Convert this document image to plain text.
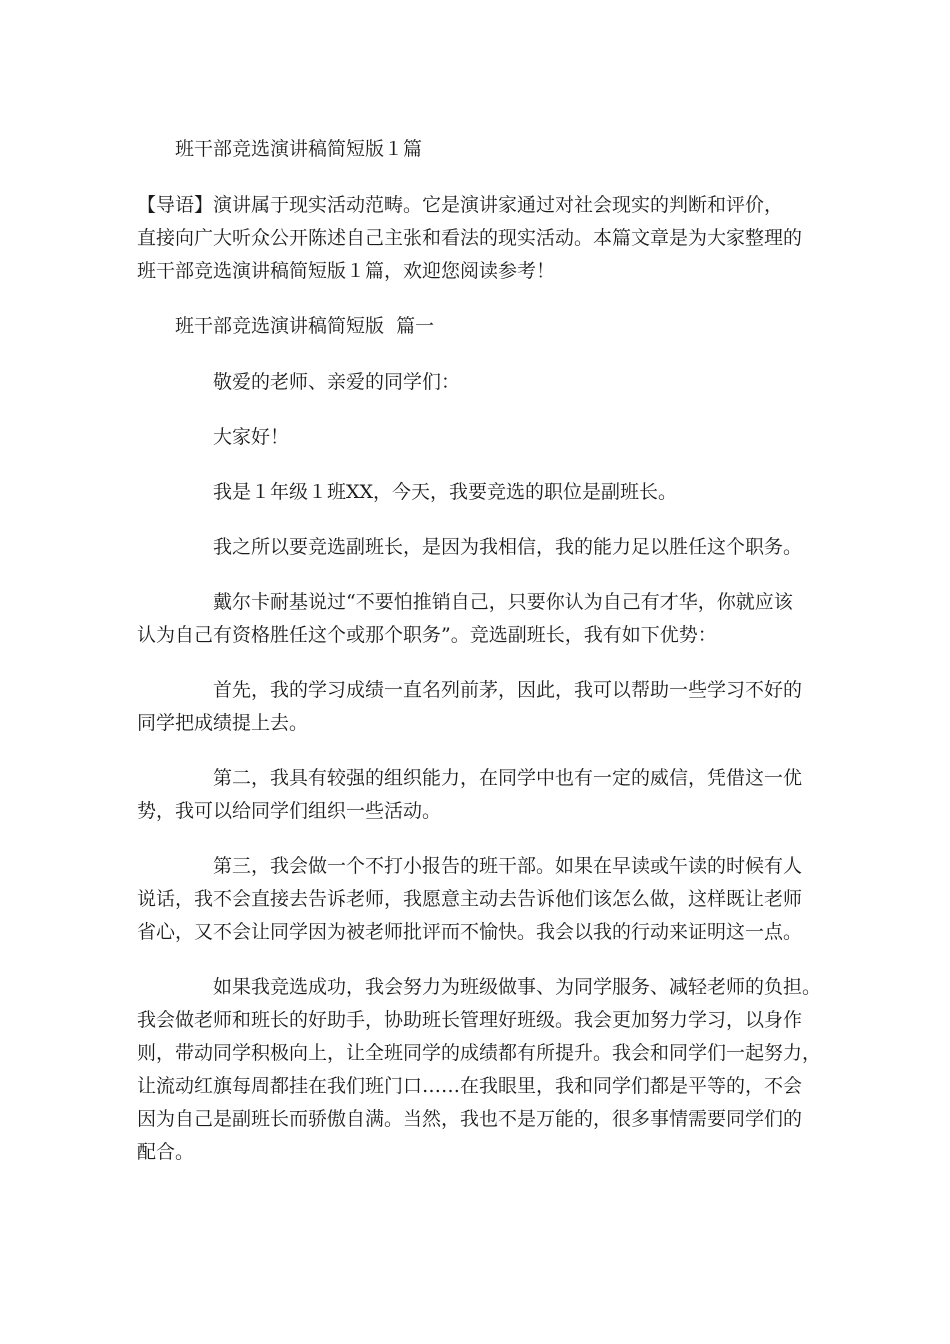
班干部竞选演讲稿简短版１篇
【导语】演讲属于现实活动范畴。它是演讲家通过对社会现实的判断和评价，
直接向广大听众公开陈述自己主张和看法的现实活动。本篇文章是为大家整理的
班干部竞选演讲稿简短版１篇，欢迎您阅读参考！
班干部竞选演讲稿简短版  篇一
敬爱的老师、亲爱的同学们：
大家好！
我是１年级１班XX，今天，我要竞选的职位是副班长。
我之所以要竞选副班长，是因为我相信，我的能力足以胜任这个职务。
戴尔卡耐基说过“不要怕推销自己，只要你认为自己有才华，你就应该
认为自己有资格胜任这个或那个职务”。竞选副班长，我有如下优势：
首先，我的学习成绩一直名列前茅，因此，我可以帮助一些学习不好的
同学把成绩提上去。
第二，我具有较强的组织能力，在同学中也有一定的威信，凭借这一优
势，我可以给同学们组织一些活动。
第三，我会做一个不打小报告的班干部。如果在早读或午读的时候有人
说话，我不会直接去告诉老师，我愿意主动去告诉他们该怎么做，这样既让老师
省心，又不会让同学因为被老师批评而不愉快。我会以我的行动来证明这一点。
如果我竞选成功，我会努力为班级做事、为同学服务、减轻老师的负担。
我会做老师和班长的好助手，协助班长管理好班级。我会更加努力学习，以身作
则，带动同学积极向上，让全班同学的成绩都有所提升。我会和同学们一起努力，
让流动红旗每周都挂在我们班门口……在我眼里，我和同学们都是平等的，不会
因为自己是副班长而骄傲自满。当然，我也不是万能的，很多事情需要同学们的
配合。
